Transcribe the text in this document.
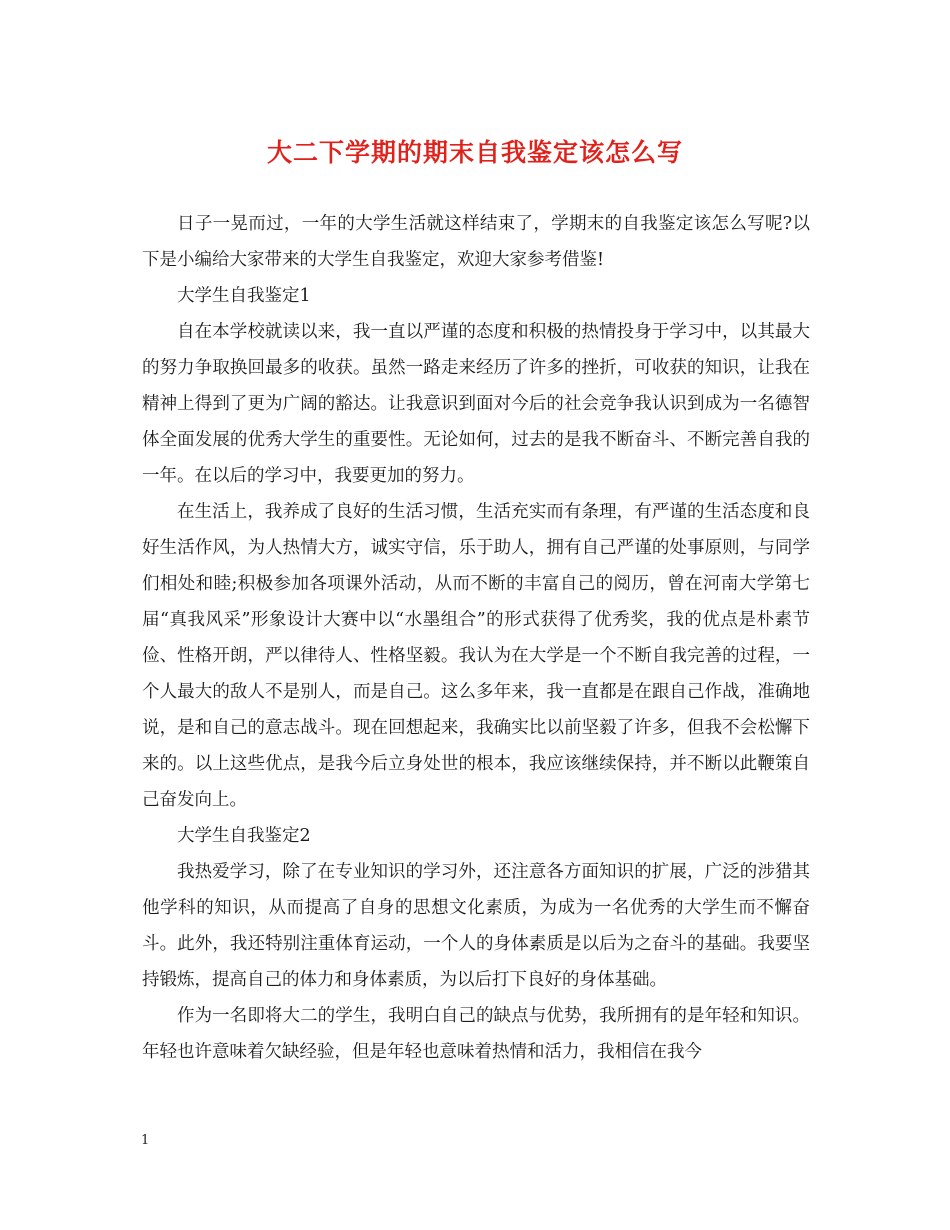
大二下学期的期末自我鉴定该怎么写

日子一晃而过，一年的大学生活就这样结束了，学期末的自我鉴定该怎么写呢?以下是小编给大家带来的大学生自我鉴定，欢迎大家参考借鉴!

大学生自我鉴定1

自在本学校就读以来，我一直以严谨的态度和积极的热情投身于学习中，以其最大的努力争取换回最多的收获。虽然一路走来经历了许多的挫折，可收获的知识，让我在精神上得到了更为广阔的豁达。让我意识到面对今后的社会竞争我认识到成为一名德智体全面发展的优秀大学生的重要性。无论如何，过去的是我不断奋斗、不断完善自我的一年。在以后的学习中，我要更加的努力。

在生活上，我养成了良好的生活习惯，生活充实而有条理，有严谨的生活态度和良好生活作风，为人热情大方，诚实守信，乐于助人，拥有自己严谨的处事原则，与同学们相处和睦;积极参加各项课外活动，从而不断的丰富自己的阅历，曾在河南大学第七届“真我风采”形象设计大赛中以“水墨组合”的形式获得了优秀奖，我的优点是朴素节俭、性格开朗，严以律待人、性格坚毅。我认为在大学是一个不断自我完善的过程，一个人最大的敌人不是别人，而是自己。这么多年来，我一直都是在跟自己作战，准确地说，是和自己的意志战斗。现在回想起来，我确实比以前坚毅了许多，但我不会松懈下来的。以上这些优点，是我今后立身处世的根本，我应该继续保持，并不断以此鞭策自己奋发向上。

大学生自我鉴定2

我热爱学习，除了在专业知识的学习外，还注意各方面知识的扩展，广泛的涉猎其他学科的知识，从而提高了自身的思想文化素质，为成为一名优秀的大学生而不懈奋斗。此外，我还特别注重体育运动，一个人的身体素质是以后为之奋斗的基础。我要坚持锻炼，提高自己的体力和身体素质，为以后打下良好的身体基础。

作为一名即将大二的学生，我明白自己的缺点与优势，我所拥有的是年轻和知识。年轻也许意味着欠缺经验，但是年轻也意味着热情和活力，我相信在我今

1
